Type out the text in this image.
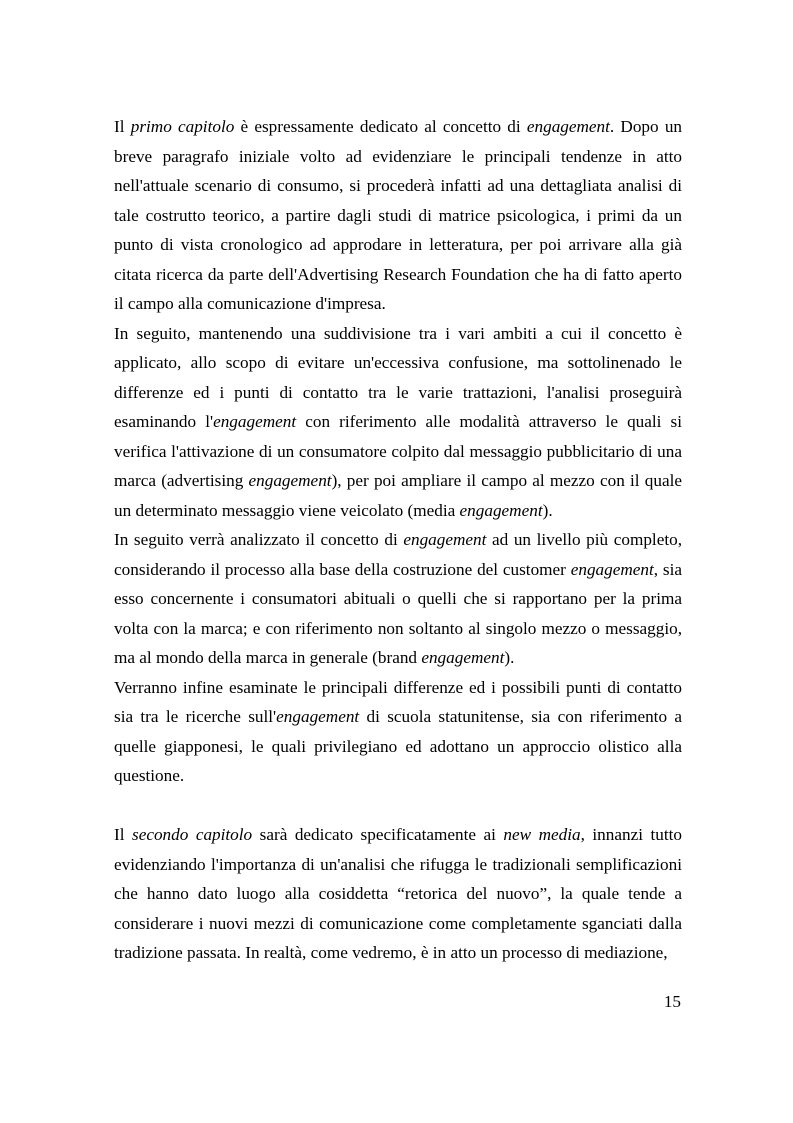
Il primo capitolo è espressamente dedicato al concetto di engagement. Dopo un breve paragrafo iniziale volto ad evidenziare le principali tendenze in atto nell'attuale scenario di consumo, si procederà infatti ad una dettagliata analisi di tale costrutto teorico, a partire dagli studi di matrice psicologica, i primi da un punto di vista cronologico ad approdare in letteratura, per poi arrivare alla già citata ricerca da parte dell'Advertising Research Foundation che ha di fatto aperto il campo alla comunicazione d'impresa.

In seguito, mantenendo una suddivisione tra i vari ambiti a cui il concetto è applicato, allo scopo di evitare un'eccessiva confusione, ma sottolinenado le differenze ed i punti di contatto tra le varie trattazioni, l'analisi proseguirà esaminando l'engagement con riferimento alle modalità attraverso le quali si verifica l'attivazione di un consumatore colpito dal messaggio pubblicitario di una marca (advertising engagement), per poi ampliare il campo al mezzo con il quale un determinato messaggio viene veicolato (media engagement).

In seguito verrà analizzato il concetto di engagement ad un livello più completo, considerando il processo alla base della costruzione del customer engagement, sia esso concernente i consumatori abituali o quelli che si rapportano per la prima volta con la marca; e con riferimento non soltanto al singolo mezzo o messaggio, ma al mondo della marca in generale (brand engagement).

Verranno infine esaminate le principali differenze ed i possibili punti di contatto sia tra le ricerche sull'engagement di scuola statunitense, sia con riferimento a quelle giapponesi, le quali privilegiano ed adottano un approccio olistico alla questione.

Il secondo capitolo sarà dedicato specificatamente ai new media, innanzi tutto evidenziando l'importanza di un'analisi che rifugga le tradizionali semplificazioni che hanno dato luogo alla cosiddetta “retorica del nuovo”, la quale tende a considerare i nuovi mezzi di comunicazione come completamente sganciati dalla tradizione passata. In realtà, come vedremo, è in atto un processo di mediazione,

15
